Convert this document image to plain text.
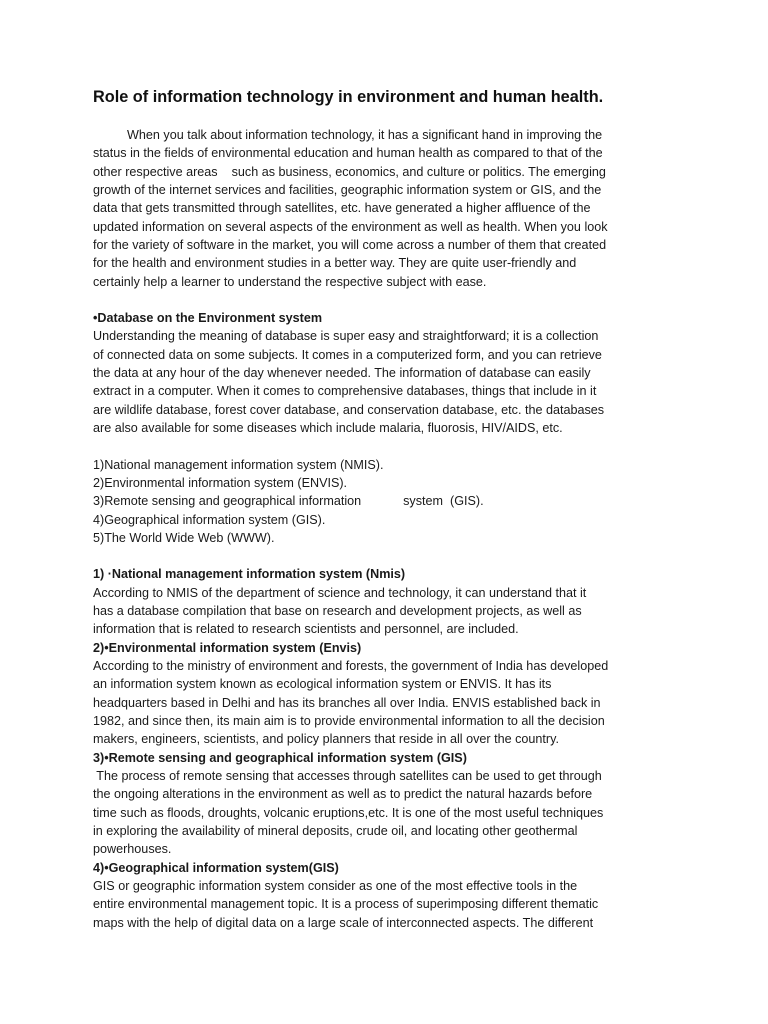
Role of information technology in environment and human health.
When you talk about information technology, it has a significant hand in improving the
status in the fields of environmental education and human health as compared to that of the
other respective areas    such as business, economics, and culture or politics. The emerging
growth of the internet services and facilities, geographic information system or GIS, and the
data that gets transmitted through satellites, etc. have generated a higher affluence of the
updated information on several aspects of the environment as well as health. When you look
for the variety of software in the market, you will come across a number of them that created
for the health and environment studies in a better way. They are quite user-friendly and
certainly help a learner to understand the respective subject with ease.
•Database on the Environment system
Understanding the meaning of database is super easy and straightforward; it is a collection
of connected data on some subjects. It comes in a computerized form, and you can retrieve
the data at any hour of the day whenever needed. The information of database can easily
extract in a computer. When it comes to comprehensive databases, things that include in it
are wildlife database, forest cover database, and conservation database, etc. the databases
are also available for some diseases which include malaria, fluorosis, HIV/AIDS, etc.
1)National management information system (NMIS).
2)Environmental information system (ENVIS).
3)Remote sensing and geographical information            system  (GIS).
4)Geographical information system (GIS).
5)The World Wide Web (WWW).
1) ·National management information system (Nmis)
According to NMIS of the department of science and technology, it can understand that it
has a database compilation that base on research and development projects, as well as
information that is related to research scientists and personnel, are included.
2)•Environmental information system (Envis)
According to the ministry of environment and forests, the government of India has developed
an information system known as ecological information system or ENVIS. It has its
headquarters based in Delhi and has its branches all over India. ENVIS established back in
1982, and since then, its main aim is to provide environmental information to all the decision
makers, engineers, scientists, and policy planners that reside in all over the country.
3)•Remote sensing and geographical information system (GIS)
The process of remote sensing that accesses through satellites can be used to get through
the ongoing alterations in the environment as well as to predict the natural hazards before
time such as floods, droughts, volcanic eruptions,etc. It is one of the most useful techniques
in exploring the availability of mineral deposits, crude oil, and locating other geothermal
powerhouses.
4)•Geographical information system(GIS)
GIS or geographic information system consider as one of the most effective tools in the
entire environmental management topic. It is a process of superimposing different thematic
maps with the help of digital data on a large scale of interconnected aspects. The different
